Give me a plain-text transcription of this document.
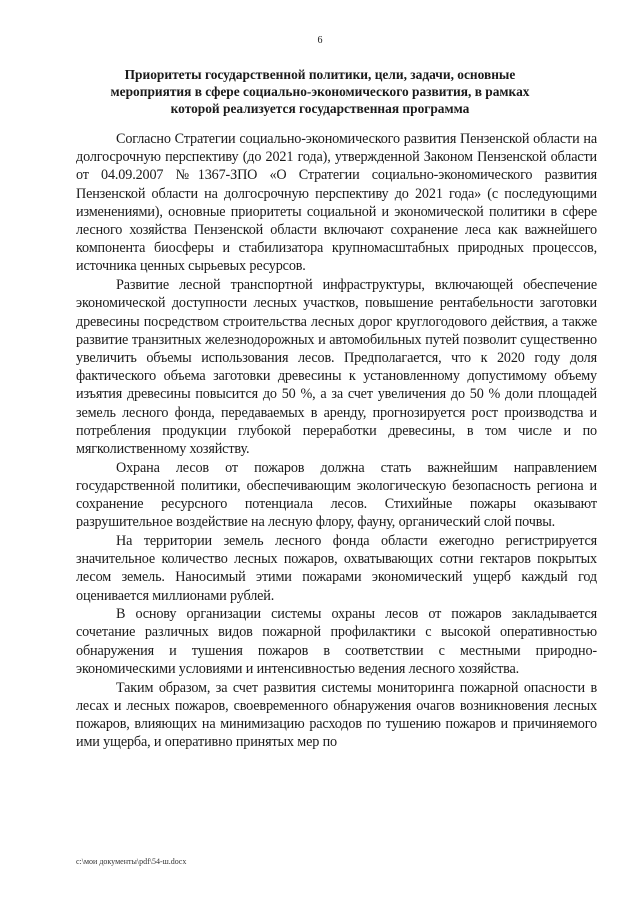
6
Приоритеты государственной политики, цели, задачи, основные мероприятия в сфере социально-экономического развития, в рамках которой реализуется государственная программа

Согласно Стратегии социально-экономического развития Пензенской области на долгосрочную перспективу (до 2021 года), утвержденной Законом Пензенской области от 04.09.2007 №1367-ЗПО «О Стратегии социально-экономического развития Пензенской области на долгосрочную перспективу до 2021 года» (с последующими изменениями), основные приоритеты социальной и экономической политики в сфере лесного хозяйства Пензенской области включают сохранение леса как важнейшего компонента биосферы и стабилизатора крупномасштабных природных процессов, источника ценных сырьевых ресурсов.

Развитие лесной транспортной инфраструктуры, включающей обеспечение экономической доступности лесных участков, повышение рентабельности заготовки древесины посредством строительства лесных дорог круглогодового действия, а также развитие транзитных железнодорожных и автомобильных путей позволит существенно увеличить объемы использования лесов. Предполагается, что к 2020 году доля фактического объема заготовки древесины к установленному допустимому объему изъятия древесины повысится до 50 %, а за счет увеличения до 50 % доли площадей земель лесного фонда, передаваемых в аренду, прогнозируется рост производства и потребления продукции глубокой переработки древесины, в том числе и по мягколиственному хозяйству.

Охрана лесов от пожаров должна стать важнейшим направлением государственной политики, обеспечивающим экологическую безопасность региона и сохранение ресурсного потенциала лесов. Стихийные пожары оказывают разрушительное воздействие на лесную флору, фауну, органический слой почвы.

На территории земель лесного фонда области ежегодно регистрируется значительное количество лесных пожаров, охватывающих сотни гектаров покрытых лесом земель. Наносимый этими пожарами экономический ущерб каждый год оценивается миллионами рублей.

В основу организации системы охраны лесов от пожаров закладывается сочетание различных видов пожарной профилактики с высокой оперативностью обнаружения и тушения пожаров в соответствии с местными природно-экономическими условиями и интенсивностью ведения лесного хозяйства.

Таким образом, за счет развития системы мониторинга пожарной опасности в лесах и лесных пожаров, своевременного обнаружения очагов возникновения лесных пожаров, влияющих на минимизацию расходов по тушению пожаров и причиняемого ими ущерба, и оперативно принятых мер по

c:\мои документы\pdf\54-ш.docx
